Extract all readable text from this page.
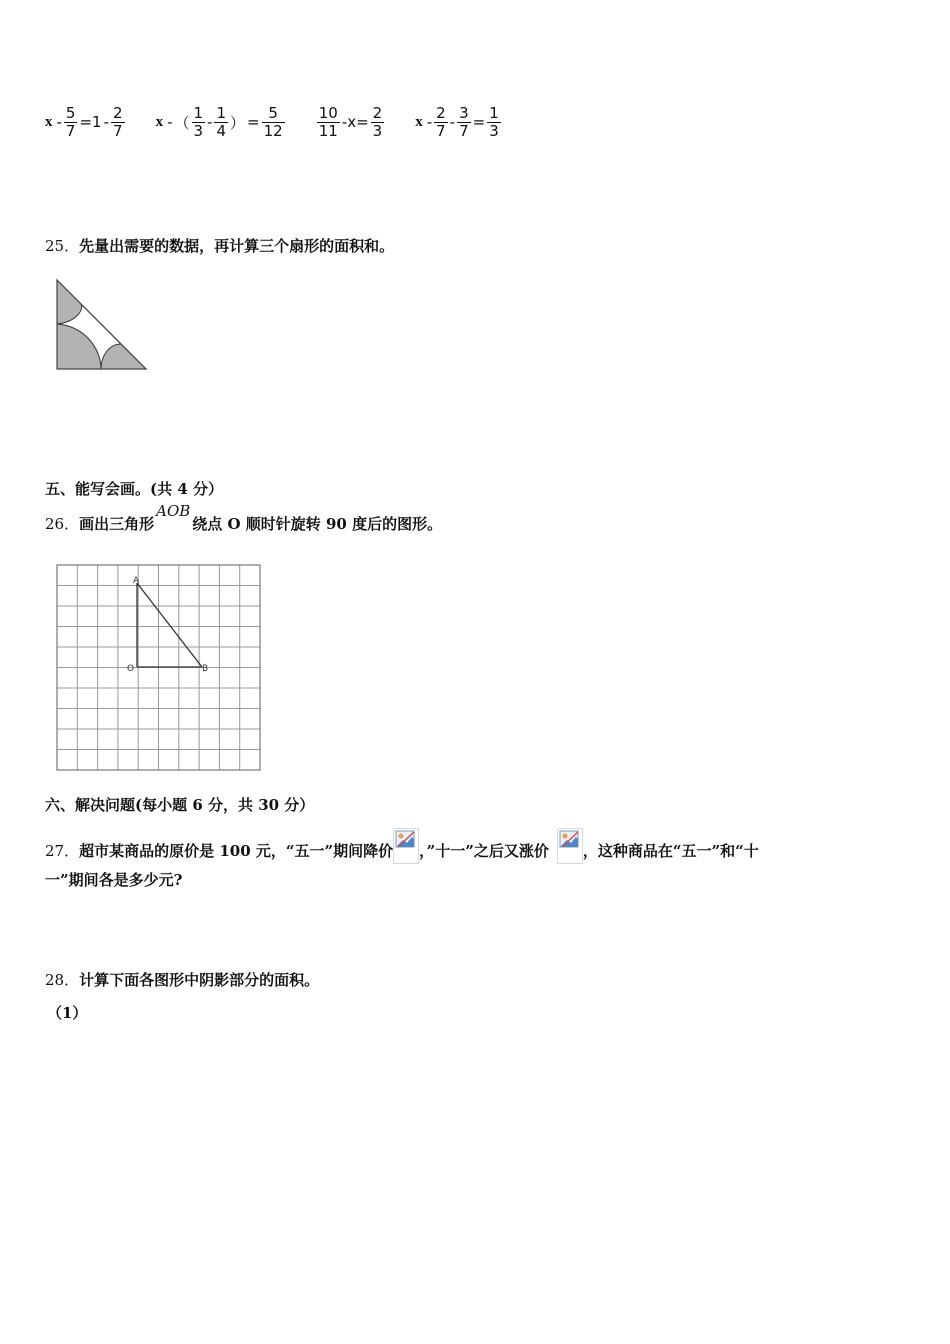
$x - \frac{5}{7} =1 - \frac{2}{7}$ x - （ $\frac{1}{3} - \frac{1}{4}$ ） = $\frac{5}{12} \frac{10}{11} -x= \frac{2}{3}$ $x - \frac{2}{7} - \frac{3}{7} = \frac{1}{3}$
25．先量出需要的数据，再计算三个扇形的面积和。
五、能写会画。(共 4 分）
26．画出三角形AOB绕点 O 顺时针旋转 90 度后的图形。
A
O	B
六、解决问题(每小题 6 分，共 30 分）
27．超市某商品的原价是 100 元，“五一”期间降价 ，”十一”之后又涨价 ，这种商品在“五一”和“十
一”期间各是多少元?
28．计算下面各图形中阴影部分的面积。
（1）
